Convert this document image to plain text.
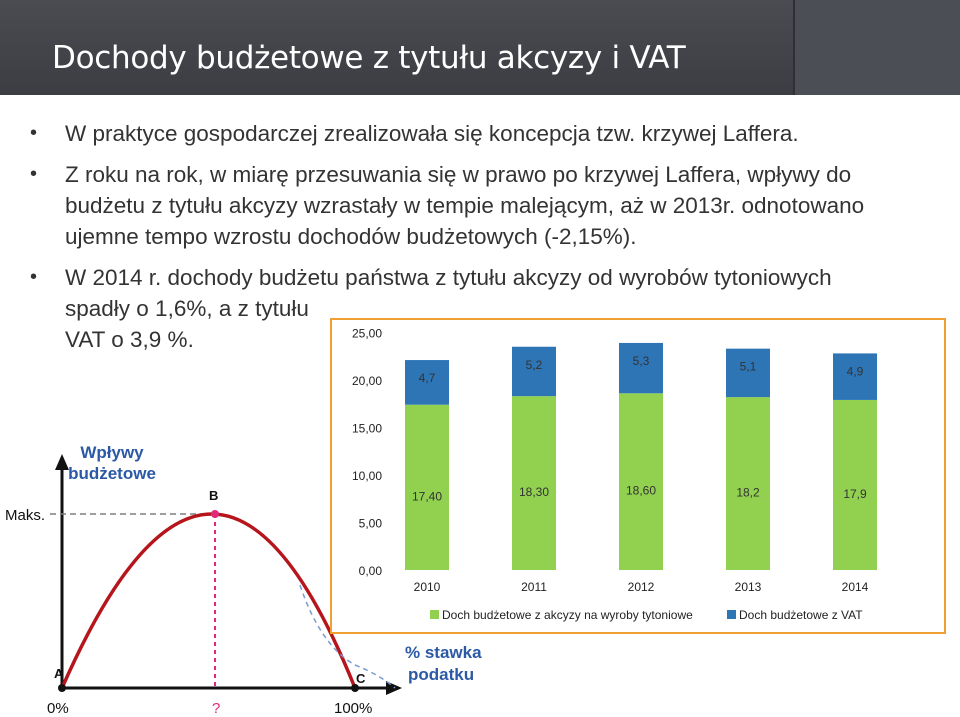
Dochody budżetowe z tytułu akcyzy i VAT
• W praktyce gospodarczej zrealizowała się koncepcja tzw. krzywej Laffera.
• Z roku na rok, w miarę przesuwania się w prawo po krzywej Laffera, wpływy do
budżetu z tytułu akcyzy wzrastały w tempie malejącym, aż w 2013r. odnotowano
ujemne tempo wzrostu dochodów budżetowych (-2,15%).
• W 2014 r. dochody budżetu państwa z tytułu akcyzy od wyrobów tytoniowych
spadły o 1,6%, a z tytułu
VAT o 3,9 %.
Wpływy
budżetowe
% stawka
podatku
A
B
C
Maks.
0%	?	100%
0,00
5,00
10,00
15,00
20,00
25,00
17,40
4,7
18,30
5,2
18,60
5,3
18,2
5,1
17,9
4,9
2010	2011	2012	2013	2014
Doch budżetowe z akcyzy na wyroby tytoniowe	Doch budżetowe z VAT
